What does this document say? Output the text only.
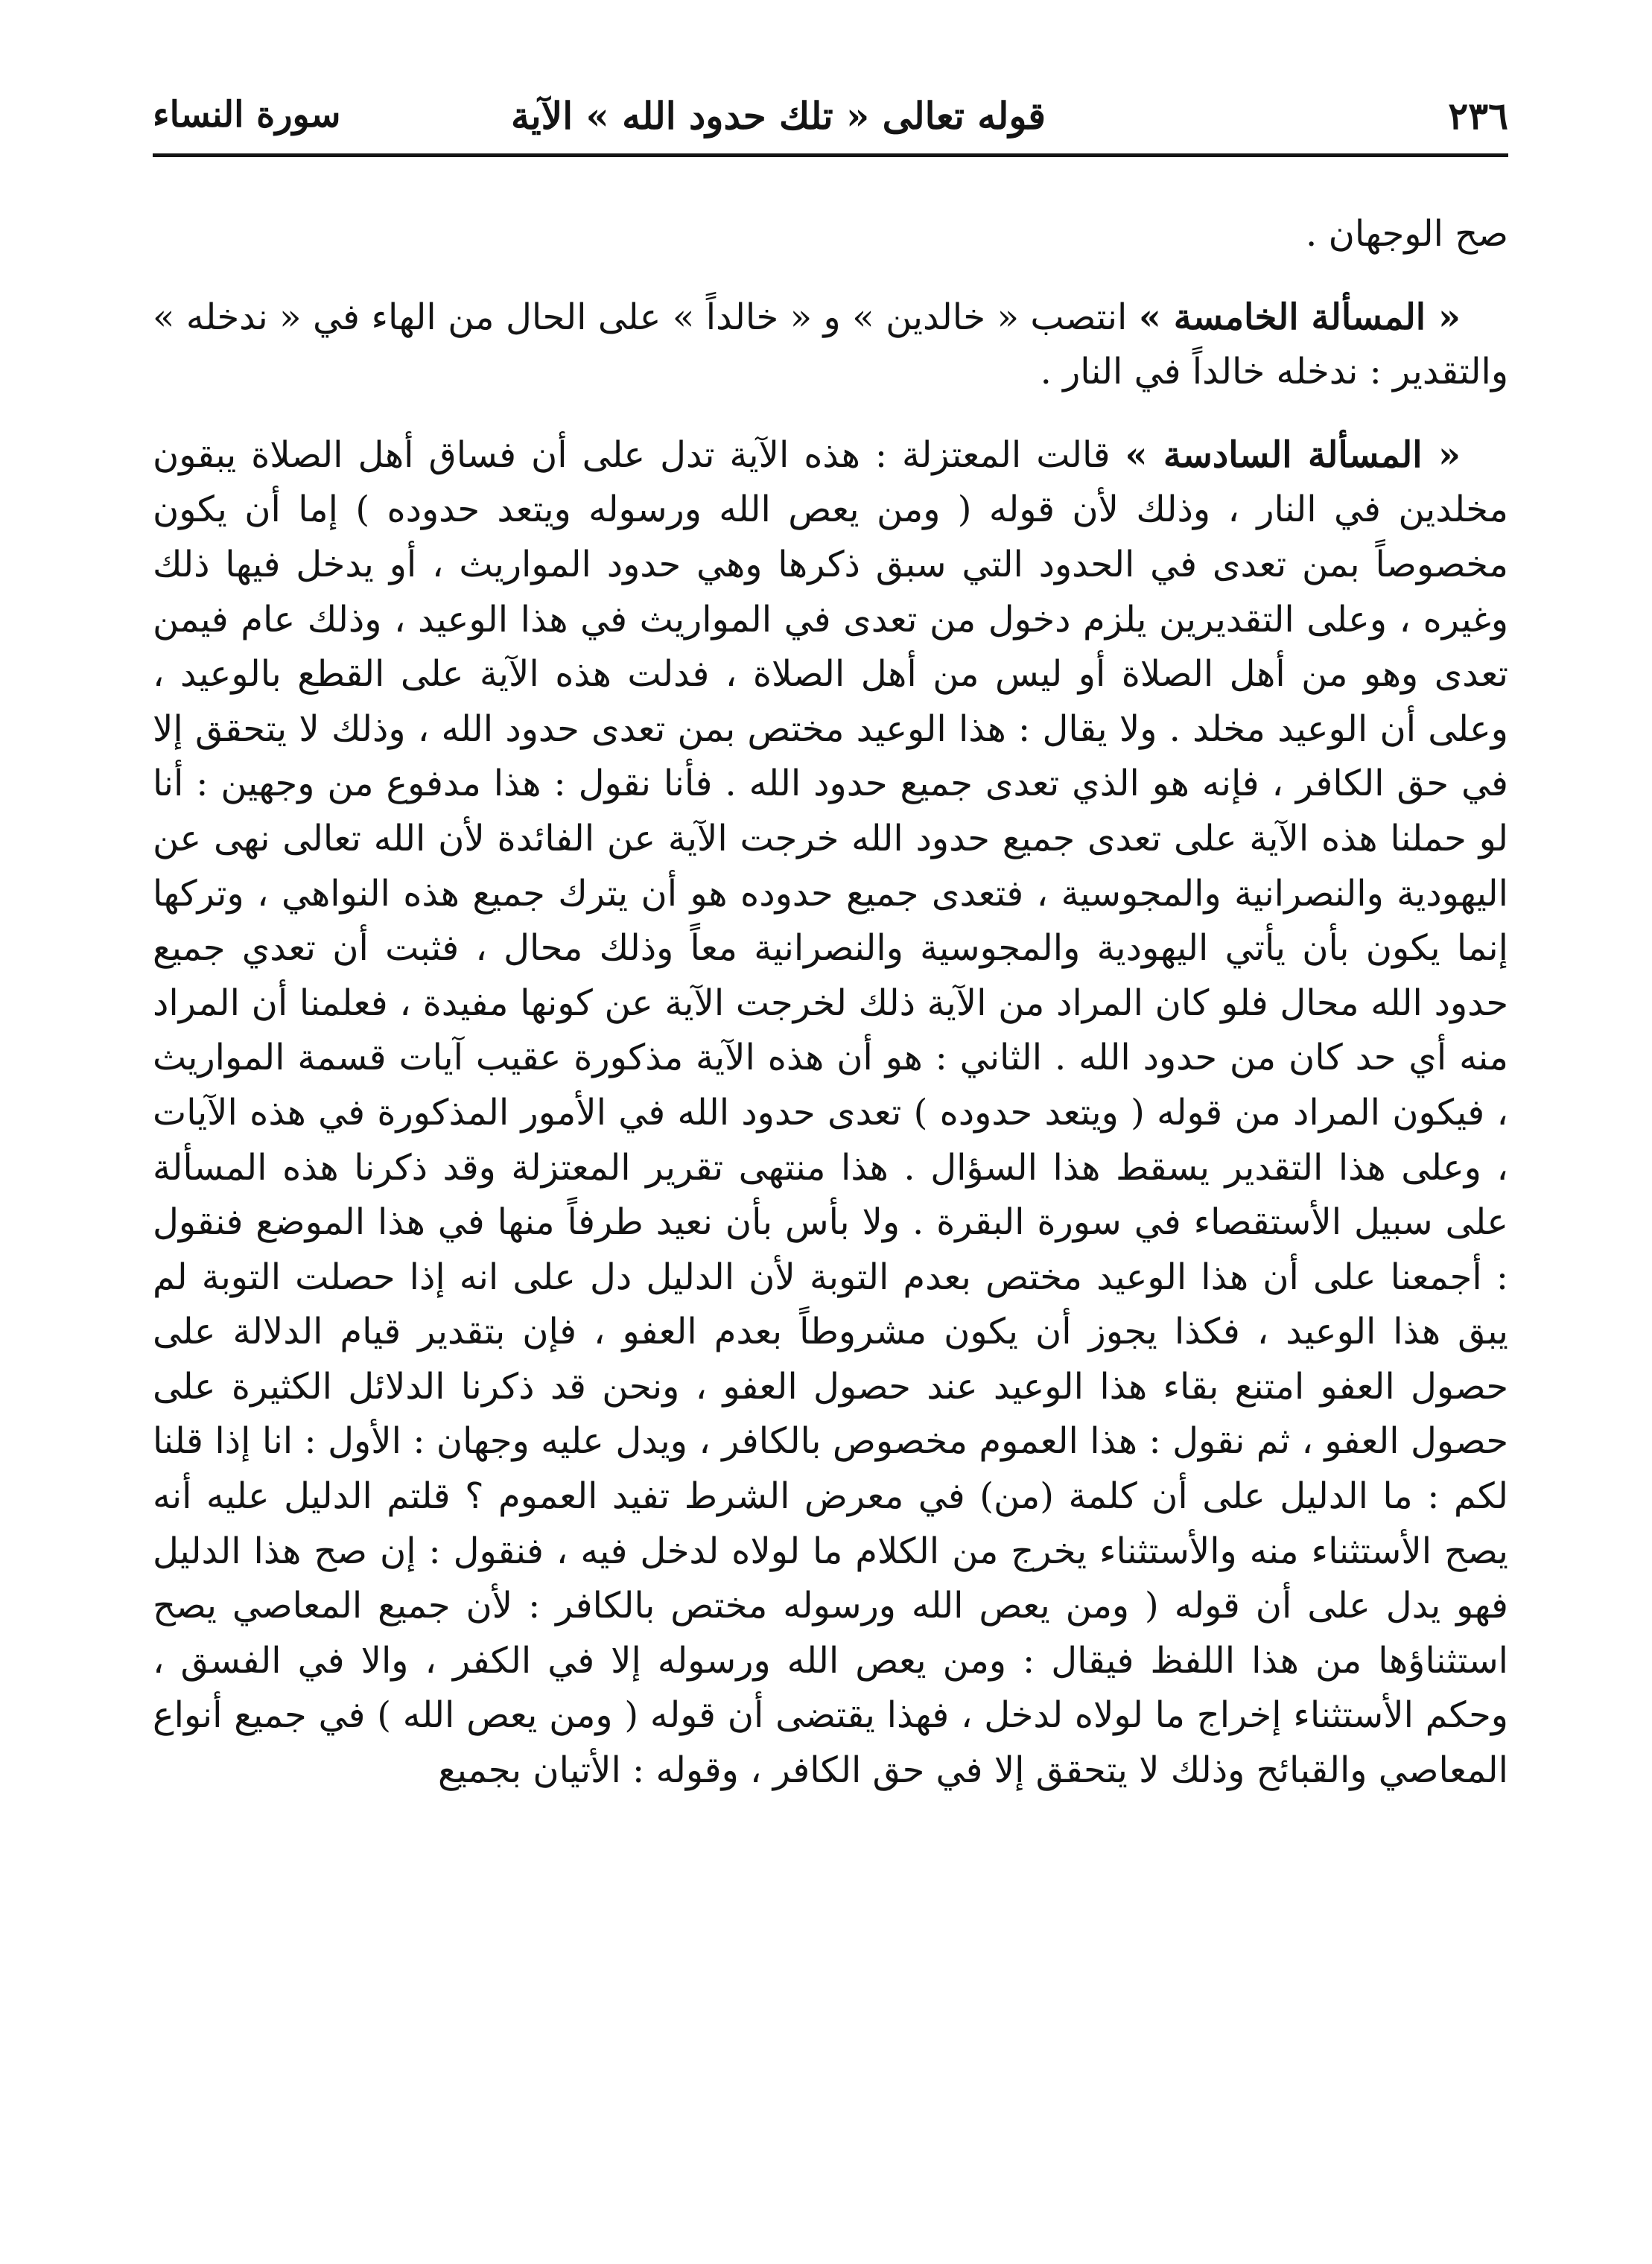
٢٣٦
قوله تعالى « تلك حدود الله » الآية
سورة النساء

صح الوجهان .

« المسألة الخامسة » انتصب « خالدين » و « خالداً » على الحال من الهاء في « ندخله » والتقدير : ندخله خالداً في النار .

« المسألة السادسة » قالت المعتزلة : هذه الآية تدل على أن فساق أهل الصلاة يبقون مخلدين في النار ، وذلك لأن قوله ( ومن يعص الله ورسوله ويتعد حدوده ) إما أن يكون مخصوصاً بمن تعدى في الحدود التي سبق ذكرها وهي حدود المواريث ، أو يدخل فيها ذلك وغيره ، وعلى التقديرين يلزم دخول من تعدى في المواريث في هذا الوعيد ، وذلك عام فيمن تعدى وهو من أهل الصلاة أو ليس من أهل الصلاة ، فدلت هذه الآية على القطع بالوعيد ، وعلى أن الوعيد مخلد . ولا يقال : هذا الوعيد مختص بمن تعدى حدود الله ، وذلك لا يتحقق إلا في حق الكافر ، فإنه هو الذي تعدى جميع حدود الله . فأنا نقول : هذا مدفوع من وجهين : أنا لو حملنا هذه الآية على تعدى جميع حدود الله خرجت الآية عن الفائدة لأن الله تعالى نهى عن اليهودية والنصرانية والمجوسية ، فتعدى جميع حدوده هو أن يترك جميع هذه النواهي ، وتركها إنما يكون بأن يأتي اليهودية والمجوسية والنصرانية معاً وذلك محال ، فثبت أن تعدي جميع حدود الله محال فلو كان المراد من الآية ذلك لخرجت الآية عن كونها مفيدة ، فعلمنا أن المراد منه أي حد كان من حدود الله . الثاني : هو أن هذه الآية مذكورة عقيب آيات قسمة المواريث ، فيكون المراد من قوله ( ويتعد حدوده ) تعدى حدود الله في الأمور المذكورة في هذه الآيات ، وعلى هذا التقدير يسقط هذا السؤال . هذا منتهى تقرير المعتزلة وقد ذكرنا هذه المسألة على سبيل الأستقصاء في سورة البقرة . ولا بأس بأن نعيد طرفاً منها في هذا الموضع فنقول : أجمعنا على أن هذا الوعيد مختص بعدم التوبة لأن الدليل دل على انه إذا حصلت التوبة لم يبق هذا الوعيد ، فكذا يجوز أن يكون مشروطاً بعدم العفو ، فإن بتقدير قيام الدلالة على حصول العفو امتنع بقاء هذا الوعيد عند حصول العفو ، ونحن قد ذكرنا الدلائل الكثيرة على حصول العفو ، ثم نقول : هذا العموم مخصوص بالكافر ، ويدل عليه وجهان : الأول : انا إذا قلنا لكم : ما الدليل على أن كلمة (من) في معرض الشرط تفيد العموم ؟ قلتم الدليل عليه أنه يصح الأستثناء منه والأستثناء يخرج من الكلام ما لولاه لدخل فيه ، فنقول : إن صح هذا الدليل فهو يدل على أن قوله ( ومن يعص الله ورسوله مختص بالكافر : لأن جميع المعاصي يصح استثناؤها من هذا اللفظ فيقال : ومن يعص الله ورسوله إلا في الكفر ، والا في الفسق ، وحكم الأستثناء إخراج ما لولاه لدخل ، فهذا يقتضى أن قوله ( ومن يعص الله ) في جميع أنواع المعاصي والقبائح وذلك لا يتحقق إلا في حق الكافر ، وقوله : الأتيان بجميع
